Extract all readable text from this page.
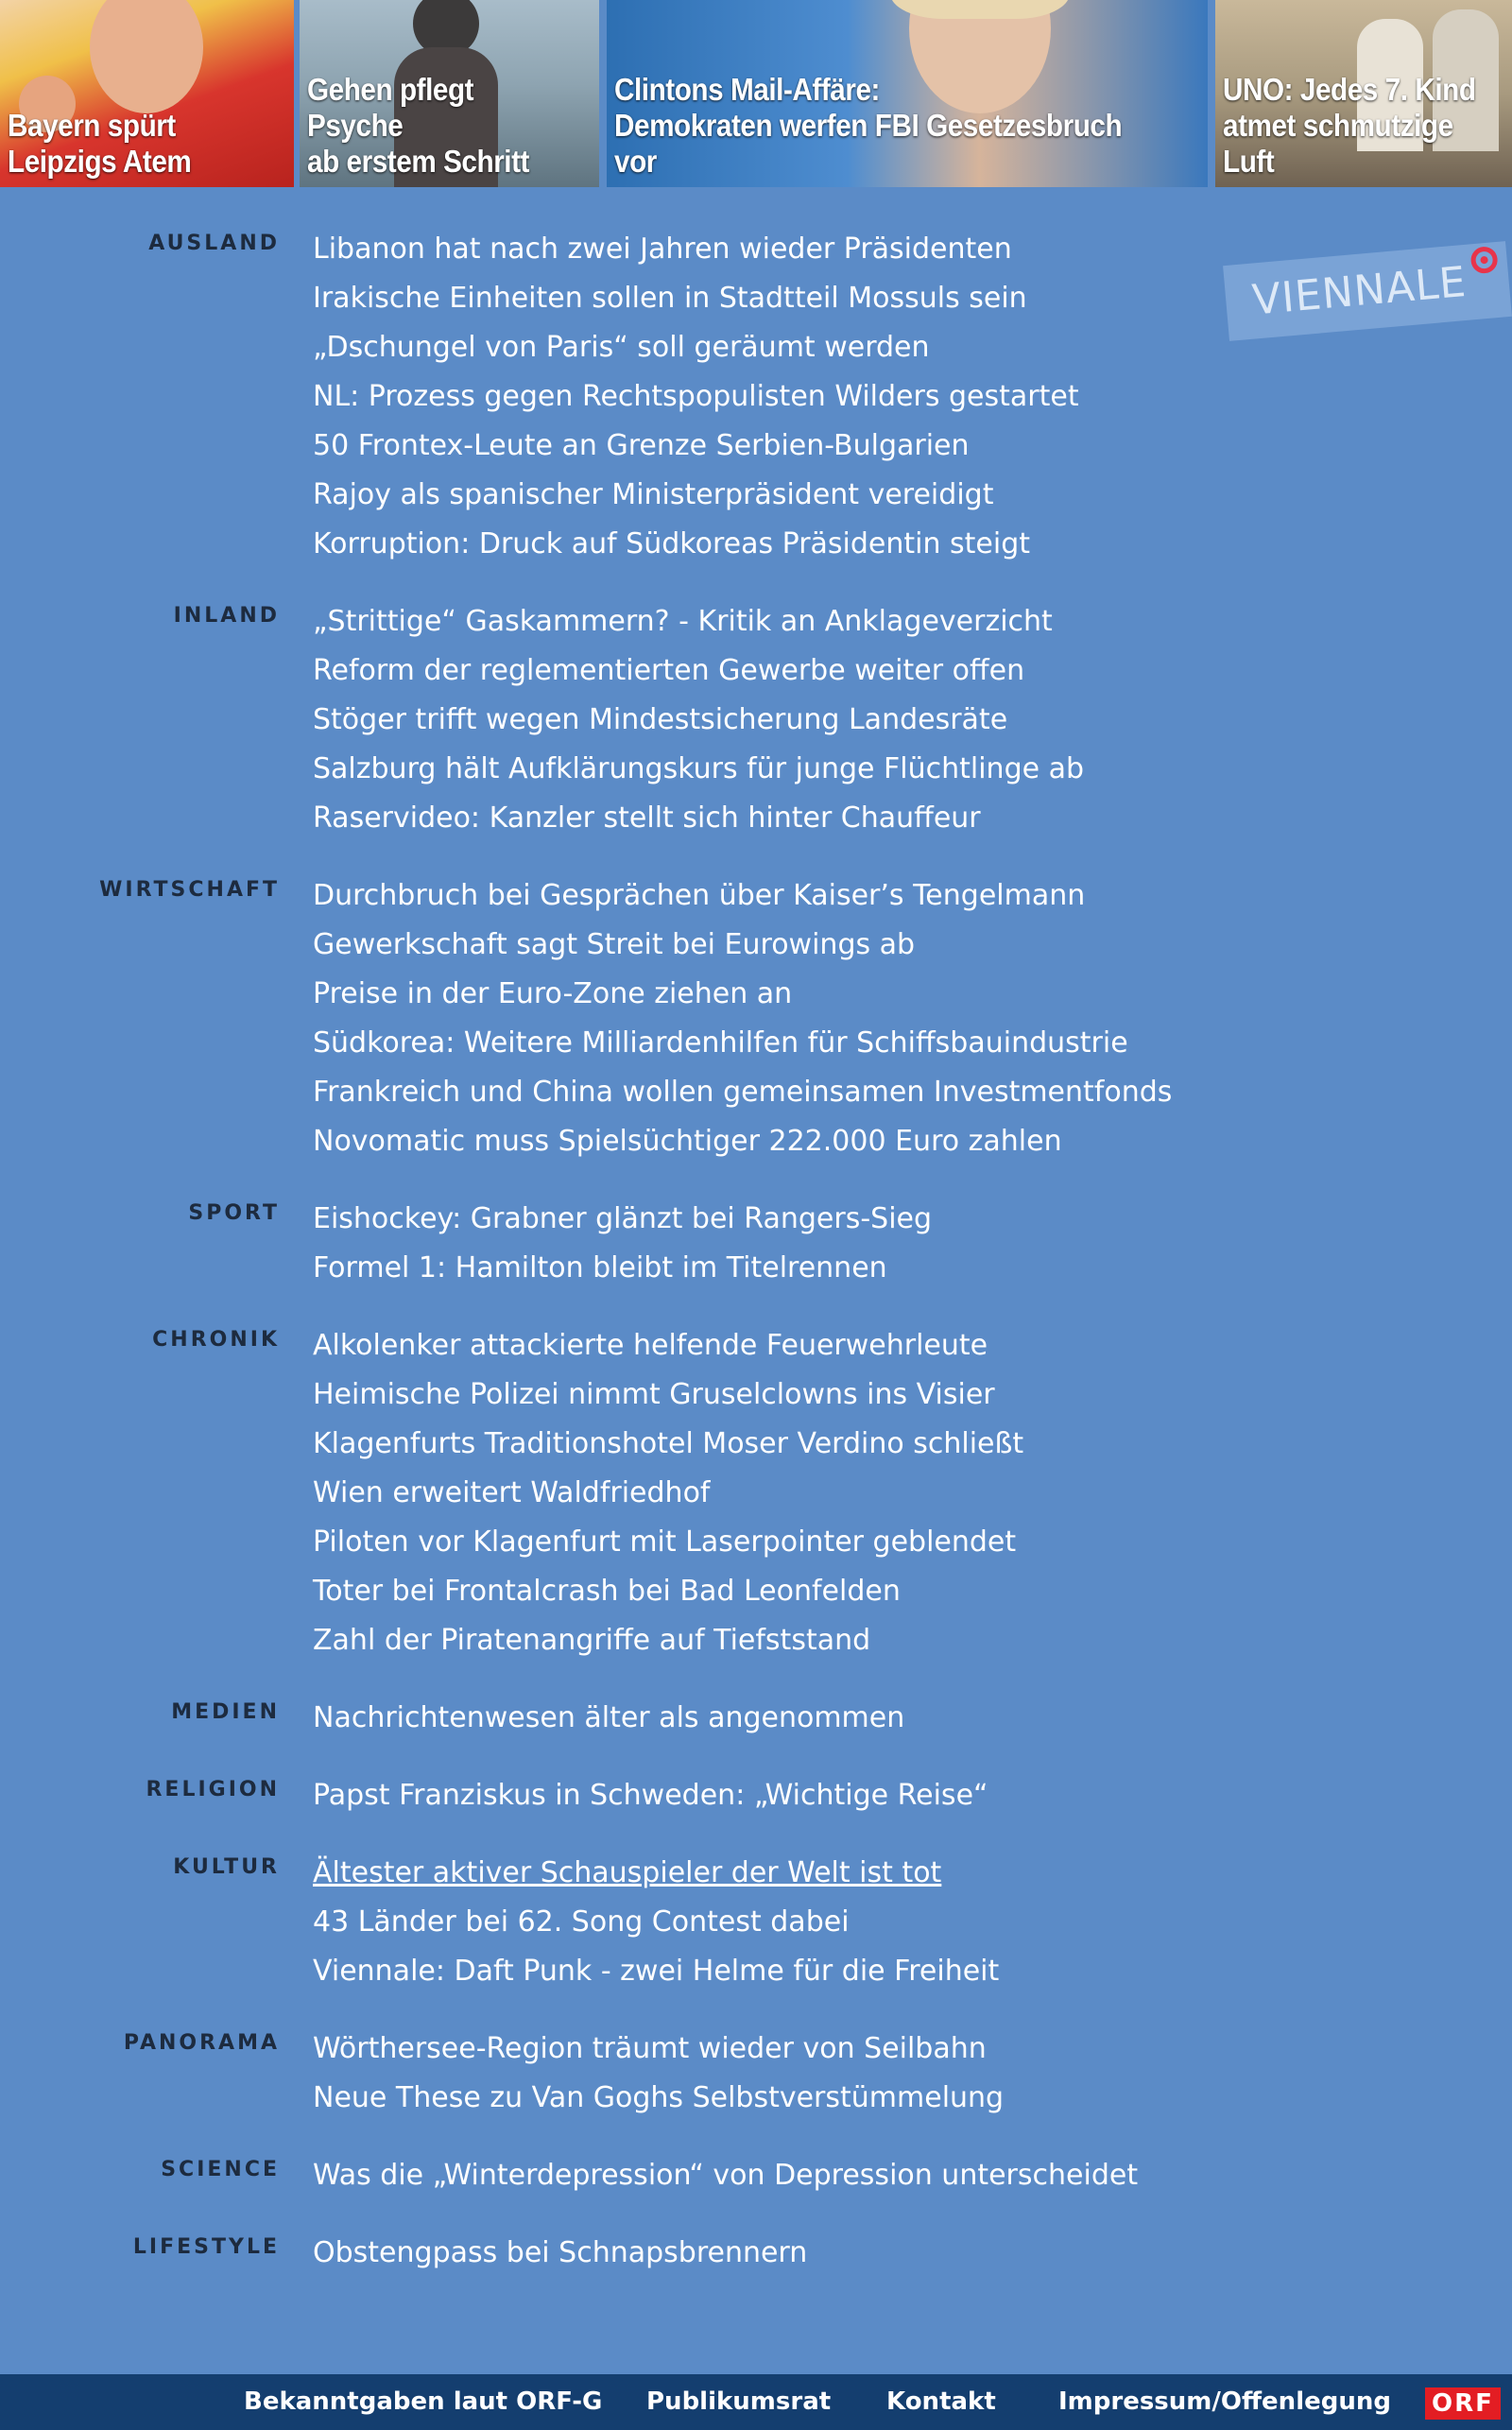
Bayern spürt
Leipzigs Atem
Gehen pflegt Psyche
ab erstem Schritt
Clintons Mail-Affäre:
Demokraten werfen FBI Gesetzesbruch vor
UNO: Jedes 7. Kind
atmet schmutzige Luft
VIENNALE
AUSLAND Libanon hat nach zwei Jahren wieder Präsidenten
Irakische Einheiten sollen in Stadtteil Mossuls sein
„Dschungel von Paris“ soll geräumt werden
NL: Prozess gegen Rechtspopulisten Wilders gestartet
50 Frontex-Leute an Grenze Serbien-Bulgarien
Rajoy als spanischer Ministerpräsident vereidigt
Korruption: Druck auf Südkoreas Präsidentin steigt
INLAND „Strittige“ Gaskammern? - Kritik an Anklageverzicht
Reform der reglementierten Gewerbe weiter offen
Stöger trifft wegen Mindestsicherung Landesräte
Salzburg hält Aufklärungskurs für junge Flüchtlinge ab
Raservideo: Kanzler stellt sich hinter Chauffeur
WIRTSCHAFT Durchbruch bei Gesprächen über Kaiser’s Tengelmann
Gewerkschaft sagt Streit bei Eurowings ab
Preise in der Euro-Zone ziehen an
Südkorea: Weitere Milliardenhilfen für Schiffsbauindustrie
Frankreich und China wollen gemeinsamen Investmentfonds
Novomatic muss Spielsüchtiger 222.000 Euro zahlen
SPORT Eishockey: Grabner glänzt bei Rangers-Sieg
Formel 1: Hamilton bleibt im Titelrennen
CHRONIK Alkolenker attackierte helfende Feuerwehrleute
Heimische Polizei nimmt Gruselclowns ins Visier
Klagenfurts Traditionshotel Moser Verdino schließt
Wien erweitert Waldfriedhof
Piloten vor Klagenfurt mit Laserpointer geblendet
Toter bei Frontalcrash bei Bad Leonfelden
Zahl der Piratenangriffe auf Tiefststand
MEDIEN Nachrichtenwesen älter als angenommen
RELIGION Papst Franziskus in Schweden: „Wichtige Reise“
KULTUR Ältester aktiver Schauspieler der Welt ist tot
43 Länder bei 62. Song Contest dabei
Viennale: Daft Punk - zwei Helme für die Freiheit
PANORAMA Wörthersee-Region träumt wieder von Seilbahn
Neue These zu Van Goghs Selbstverstümmelung
SCIENCE Was die „Winterdepression“ von Depression unterscheidet
LIFESTYLE Obstengpass bei Schnapsbrennern
Bekanntgaben laut ORF-G Publikumsrat Kontakt	Impressum/Offenlegung ORF
